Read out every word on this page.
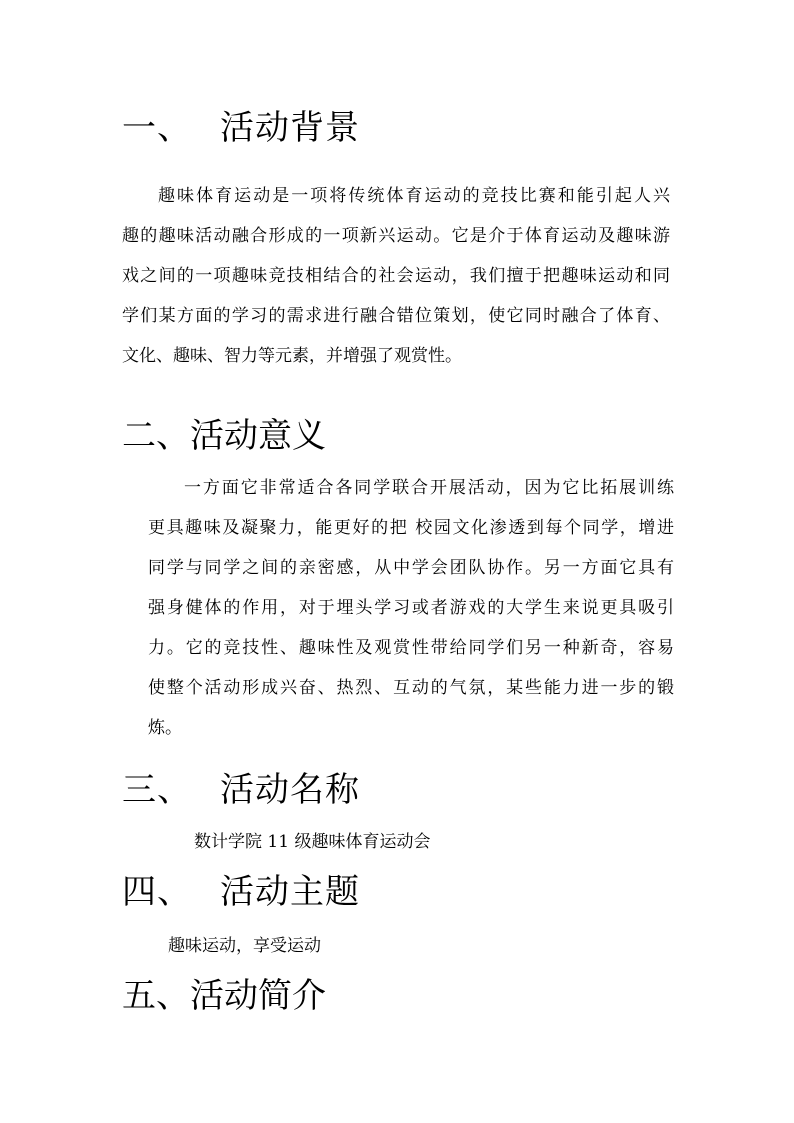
一、 活动背景
趣味体育运动是一项将传统体育运动的竞技比赛和能引起人兴
趣的趣味活动融合形成的一项新兴运动。它是介于体育运动及趣味游
戏之间的一项趣味竞技相结合的社会运动，我们擅于把趣味运动和同
学们某方面的学习的需求进行融合错位策划，使它同时融合了体育、
文化、趣味、智力等元素，并增强了观赏性。
二、活动意义
一方面它非常适合各同学联合开展活动，因为它比拓展训练
更具趣味及凝聚力，能更好的把 校园文化渗透到每个同学，增进
同学与同学之间的亲密感，从中学会团队协作。另一方面它具有
强身健体的作用，对于埋头学习或者游戏的大学生来说更具吸引
力。它的竞技性、趣味性及观赏性带给同学们另一种新奇，容易
使整个活动形成兴奋、热烈、互动的气氛，某些能力进一步的锻
炼。
三、 活动名称
数计学院 11 级趣味体育运动会
四、 活动主题
趣味运动，享受运动
五、活动简介
